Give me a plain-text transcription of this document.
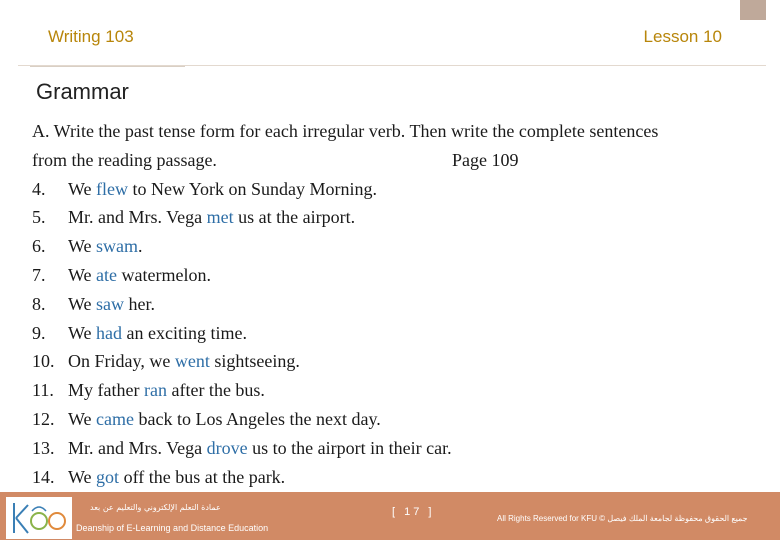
Writing 103	Lesson 10
Grammar
A. Write the past tense form for each irregular verb. Then write the complete sentences
from the reading passage.	Page 109
4.	We flew to New York on Sunday Morning.
5.	Mr. and Mrs. Vega met us at the airport.
6.	We swam.
7.	We ate watermelon.
8.	We saw her.
9.	We had an exciting time.
10. On Friday, we went sightseeing.
11. My father ran after the bus.
12. We came back to Los Angeles the next day.
13. Mr. and Mrs. Vega drove us to the airport in their car.
14. We got off the bus at the park.
عمادة التعلم الإلكتروني والتعليم عن بعد
Deanship of E-Learning and Distance Education
[ 17 ]
All Rights Reserved for KFU © جميع الحقوق محفوظة لجامعة الملك فيصل
